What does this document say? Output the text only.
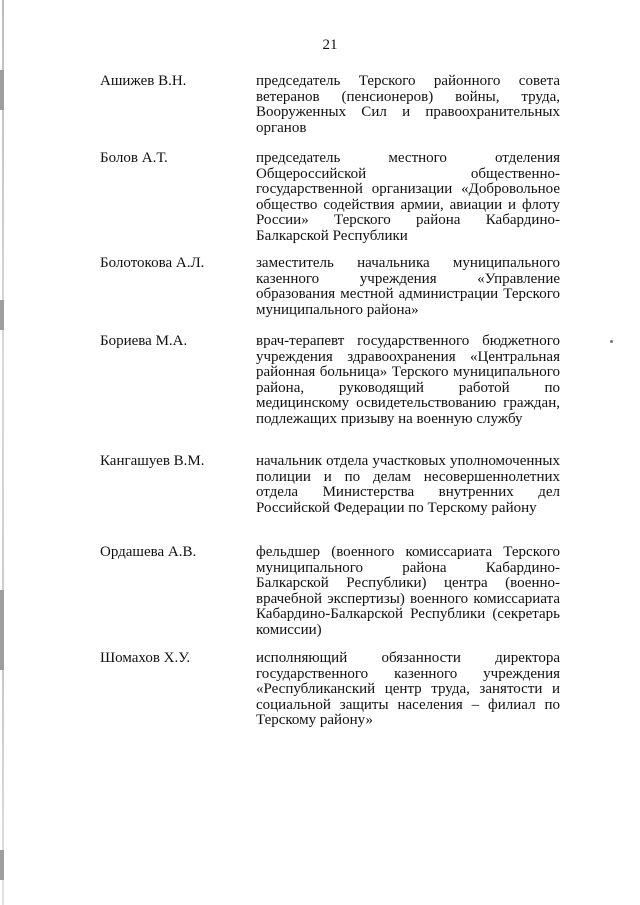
21
Ашижев В.Н.	председатель Терского районного совета ветеранов (пенсионеров) войны, труда, Вооруженных Сил и правоохранительных органов
Болов А.Т.	председатель местного отделения Общероссийской общественно-государственной организации «Добровольное общество содействия армии, авиации и флоту России» Терского района Кабардино-Балкарской Республики
Болотокова А.Л.	заместитель начальника муниципального казенного учреждения «Управление образования местной администрации Терского муниципального района»
Бориева М.А.	врач-терапевт государственного бюджетного учреждения здравоохранения «Центральная районная больница» Терского муниципального района, руководящий работой по медицинскому освидетельствованию граждан, подлежащих призыву на военную службу
Кангашуев В.М.	начальник отдела участковых уполномоченных полиции и по делам несовершеннолетних отдела Министерства внутренних дел Российской Федерации по Терскому району
Ордашева А.В.	фельдшер (военного комиссариата Терского муниципального района Кабардино-Балкарской Республики) центра (военно-врачебной экспертизы) военного комиссариата Кабардино-Балкарской Республики (секретарь комиссии)
Шомахов Х.У.	исполняющий обязанности директора государственного казенного учреждения «Республиканский центр труда, занятости и социальной защиты населения – филиал по Терскому району»
